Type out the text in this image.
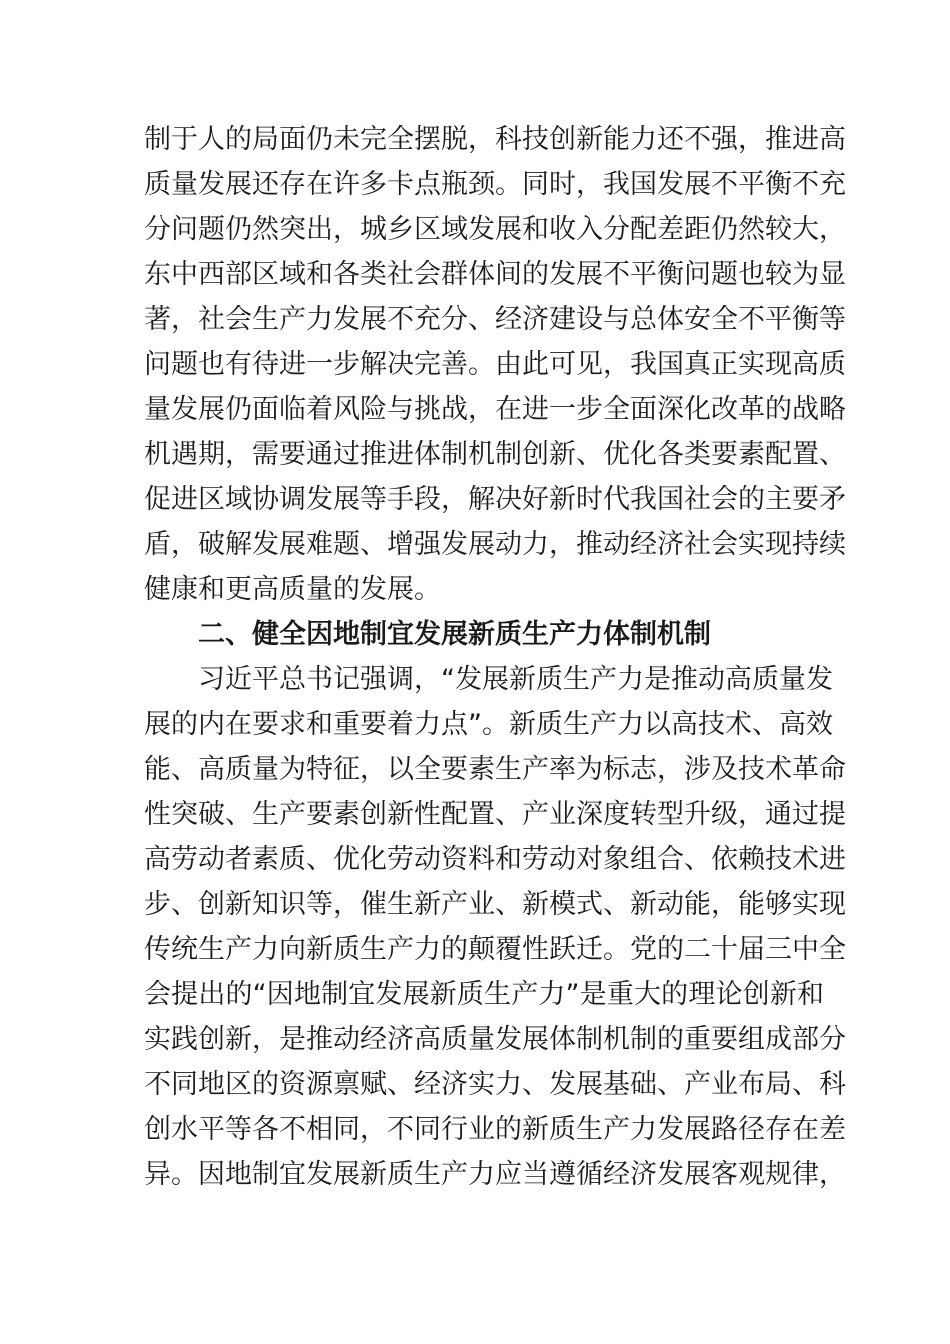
制于人的局面仍未完全摆脱，科技创新能力还不强，推进高
质量发展还存在许多卡点瓶颈。同时，我国发展不平衡不充
分问题仍然突出，城乡区域发展和收入分配差距仍然较大，
东中西部区域和各类社会群体间的发展不平衡问题也较为显
著，社会生产力发展不充分、经济建设与总体安全不平衡等
问题也有待进一步解决完善。由此可见，我国真正实现高质
量发展仍面临着风险与挑战，在进一步全面深化改革的战略
机遇期，需要通过推进体制机制创新、优化各类要素配置、
促进区域协调发展等手段，解决好新时代我国社会的主要矛
盾，破解发展难题、增强发展动力，推动经济社会实现持续
健康和更高质量的发展。
二、健全因地制宜发展新质生产力体制机制
习近平总书记强调，“发展新质生产力是推动高质量发
展的内在要求和重要着力点”。新质生产力以高技术、高效
能、高质量为特征，以全要素生产率为标志，涉及技术革命
性突破、生产要素创新性配置、产业深度转型升级，通过提
高劳动者素质、优化劳动资料和劳动对象组合、依赖技术进
步、创新知识等，催生新产业、新模式、新动能，能够实现
传统生产力向新质生产力的颠覆性跃迁。党的二十届三中全
会提出的“因地制宜发展新质生产力”是重大的理论创新和
实践创新，是推动经济高质量发展体制机制的重要组成部分
不同地区的资源禀赋、经济实力、发展基础、产业布局、科
创水平等各不相同，不同行业的新质生产力发展路径存在差
异。因地制宜发展新质生产力应当遵循经济发展客观规律，
